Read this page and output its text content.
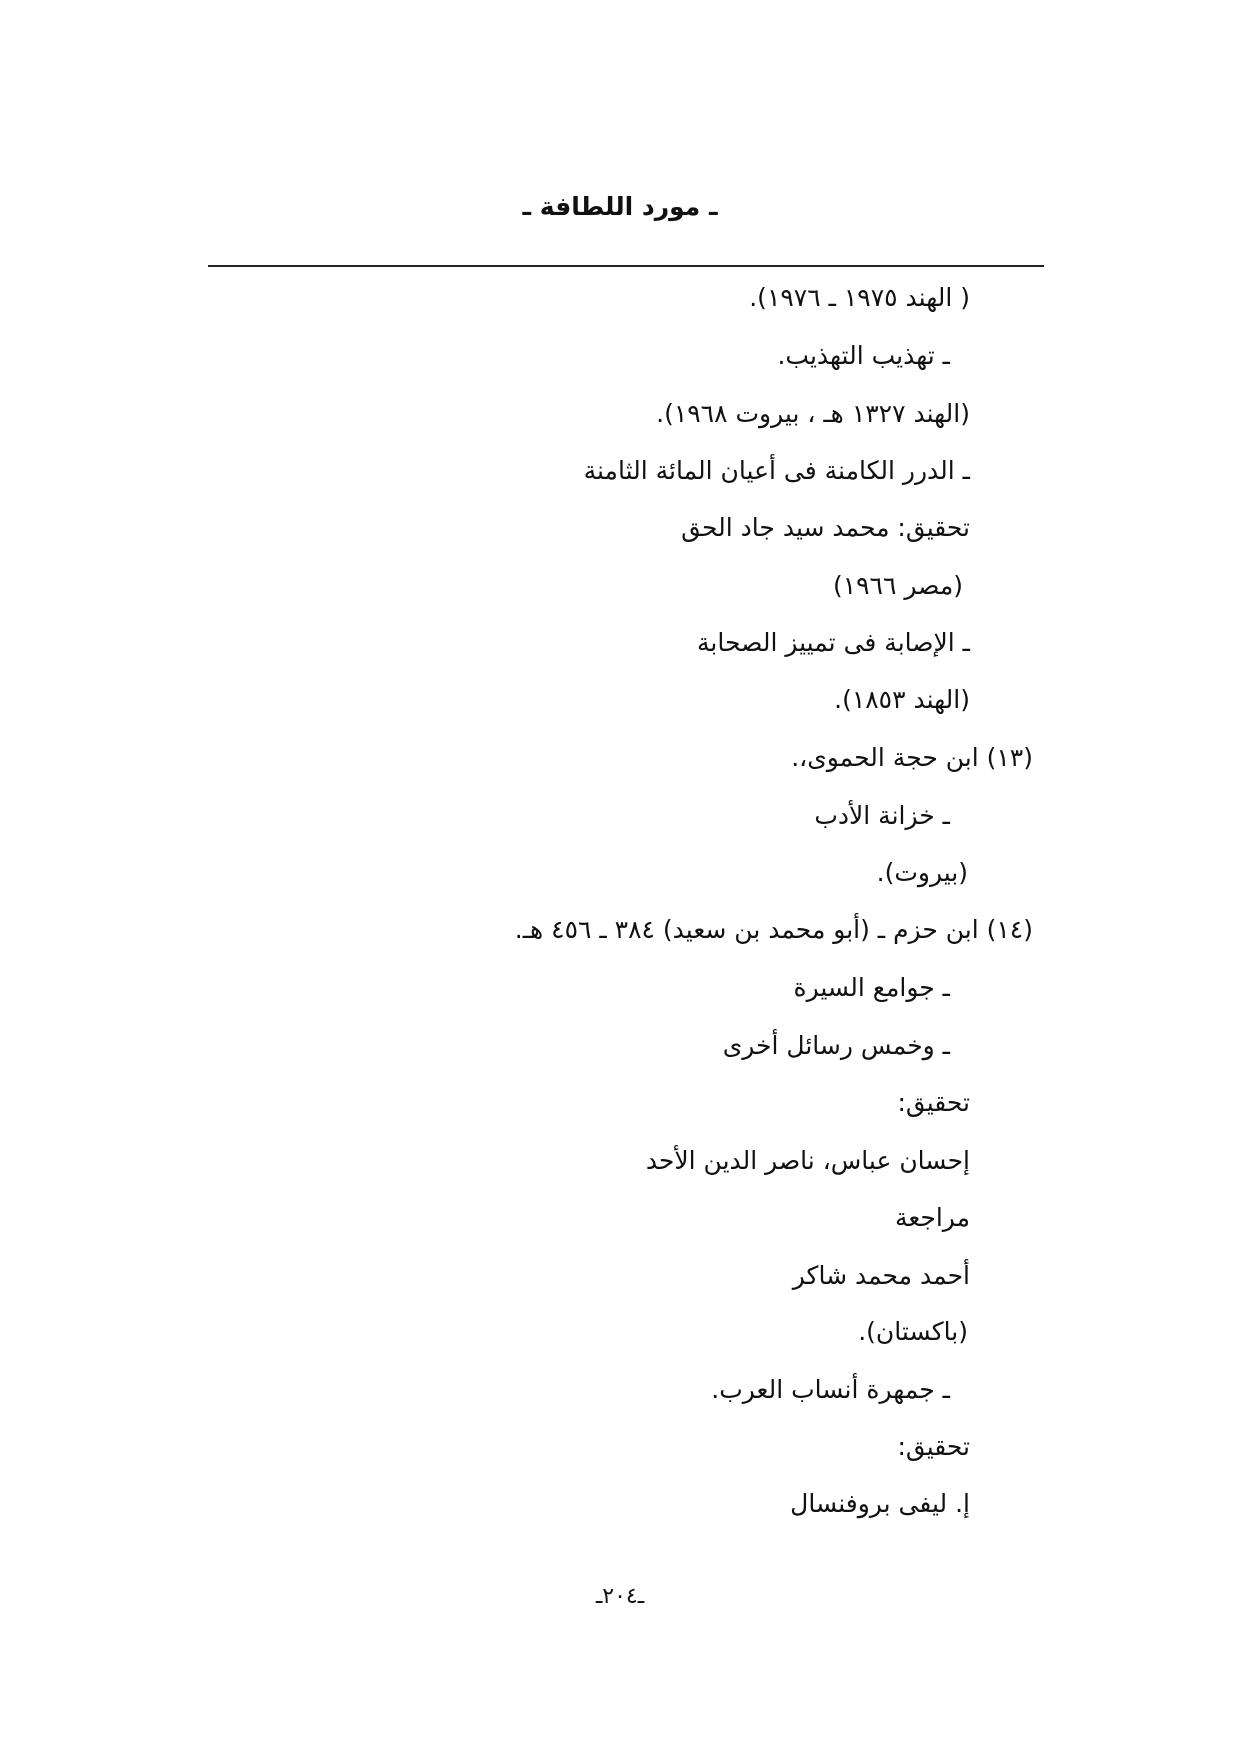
ـ مورد اللطافة ـ
( الهند ١٩٧٥ ـ ١٩٧٦).
ـ تهذيب التهذيب.
(الهند ١٣٢٧ هـ ، بيروت ١٩٦٨).
ـ الدرر الكامنة فى أعيان المائة الثامنة
تحقيق: محمد سيد جاد الحق
(مصر ١٩٦٦)
ـ الإصابة فى تمييز الصحابة
(الهند ١٨٥٣).
(١٣) ابن حجة الحموى،.
ـ خزانة الأدب
(بيروت).
(١٤) ابن حزم ـ (أبو محمد بن سعيد) ٣٨٤ ـ ٤٥٦ هـ.
ـ جوامع السيرة
ـ وخمس رسائل أخرى
تحقيق:
إحسان عباس، ناصر الدين الأحد
مراجعة
أحمد محمد شاكر
(باكستان).
ـ جمهرة أنساب العرب.
تحقيق:
إ. ليفى بروفنسال
ـ٢٠٤ـ
